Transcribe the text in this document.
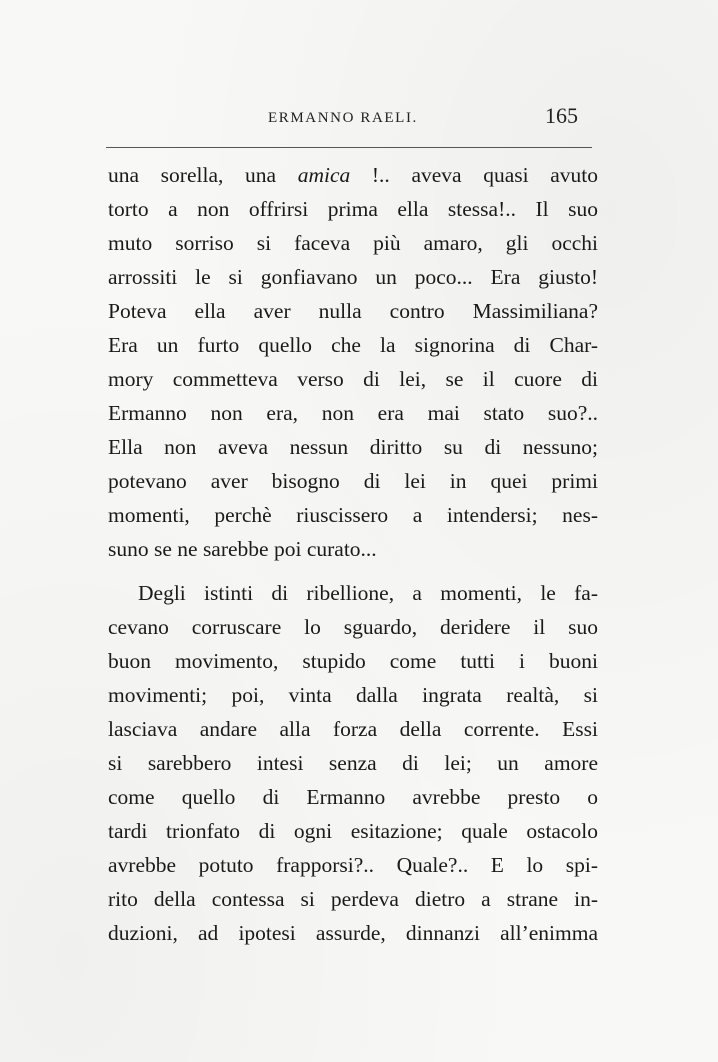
ERMANNO RAELI.	165
una sorella, una amica !.. aveva quasi avuto
torto a non offrirsi prima ella stessa!.. Il suo
muto sorriso si faceva più amaro, gli occhi
arrossiti le si gonfiavano un poco... Era giusto!
Poteva ella aver nulla contro Massimiliana?
Era un furto quello che la signorina di Char-
mory commetteva verso di lei, se il cuore di
Ermanno non era, non era mai stato suo?..
Ella non aveva nessun diritto su di nessuno;
potevano aver bisogno di lei in quei primi
momenti, perchè riuscissero a intendersi; nes-
suno se ne sarebbe poi curato...
Degli istinti di ribellione, a momenti, le fa-
cevano corruscare lo sguardo, deridere il suo
buon movimento, stupido come tutti i buoni
movimenti; poi, vinta dalla ingrata realtà, si
lasciava andare alla forza della corrente. Essi
si sarebbero intesi senza di lei; un amore
come quello di Ermanno avrebbe presto o
tardi trionfato di ogni esitazione; quale ostacolo
avrebbe potuto frapporsi?.. Quale?.. E lo spi-
rito della contessa si perdeva dietro a strane in-
duzioni, ad ipotesi assurde, dinnanzi all’enimma
